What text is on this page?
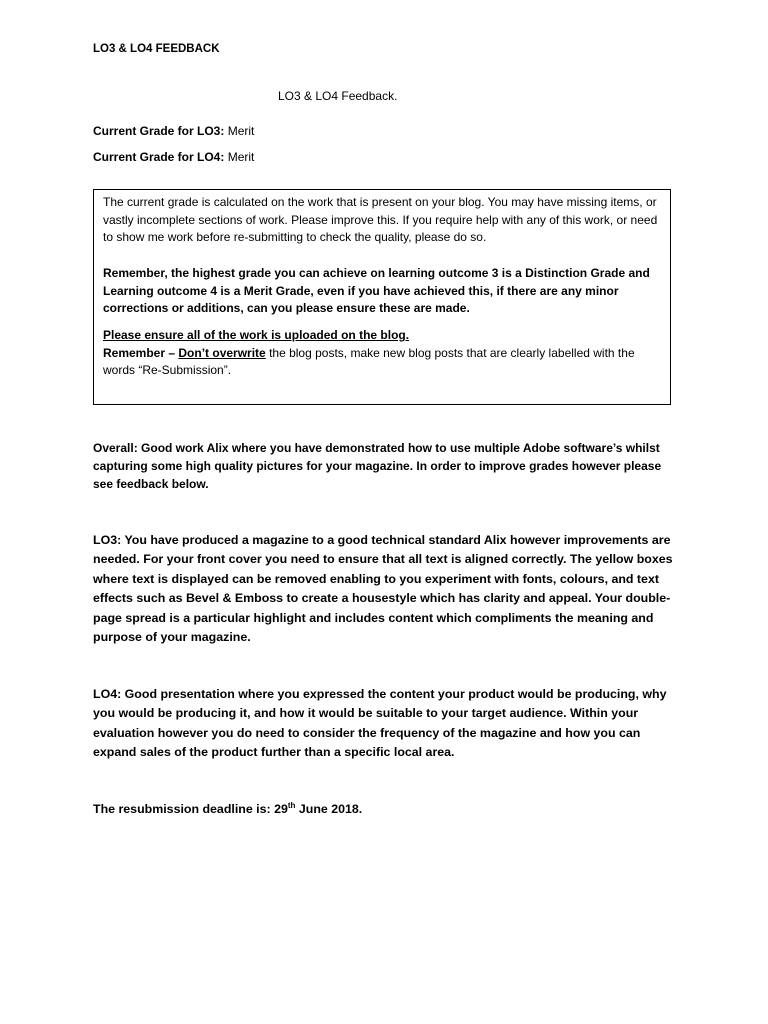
LO3 & LO4 FEEDBACK
LO3 & LO4 Feedback.
Current Grade for LO3: Merit
Current Grade for LO4: Merit
The current grade is calculated on the work that is present on your blog. You may have missing items, or vastly incomplete sections of work. Please improve this. If you require help with any of this work, or need to show me work before re-submitting to check the quality, please do so.
Remember, the highest grade you can achieve on learning outcome 3 is a Distinction Grade and Learning outcome 4 is a Merit Grade, even if you have achieved this, if there are any minor corrections or additions, can you please ensure these are made.
Please ensure all of the work is uploaded on the blog.
Remember – Don’t overwrite the blog posts, make new blog posts that are clearly labelled with the words “Re-Submission”.
Overall: Good work Alix where you have demonstrated how to use multiple Adobe software’s whilst capturing some high quality pictures for your magazine. In order to improve grades however please see feedback below.
LO3: You have produced a magazine to a good technical standard Alix however improvements are needed. For your front cover you need to ensure that all text is aligned correctly. The yellow boxes where text is displayed can be removed enabling to you experiment with fonts, colours, and text effects such as Bevel & Emboss to create a housestyle which has clarity and appeal. Your double-page spread is a particular highlight and includes content which compliments the meaning and purpose of your magazine.
LO4: Good presentation where you expressed the content your product would be producing, why you would be producing it, and how it would be suitable to your target audience. Within your evaluation however you do need to consider the frequency of the magazine and how you can expand sales of the product further than a specific local area.
The resubmission deadline is: 29th June 2018.
